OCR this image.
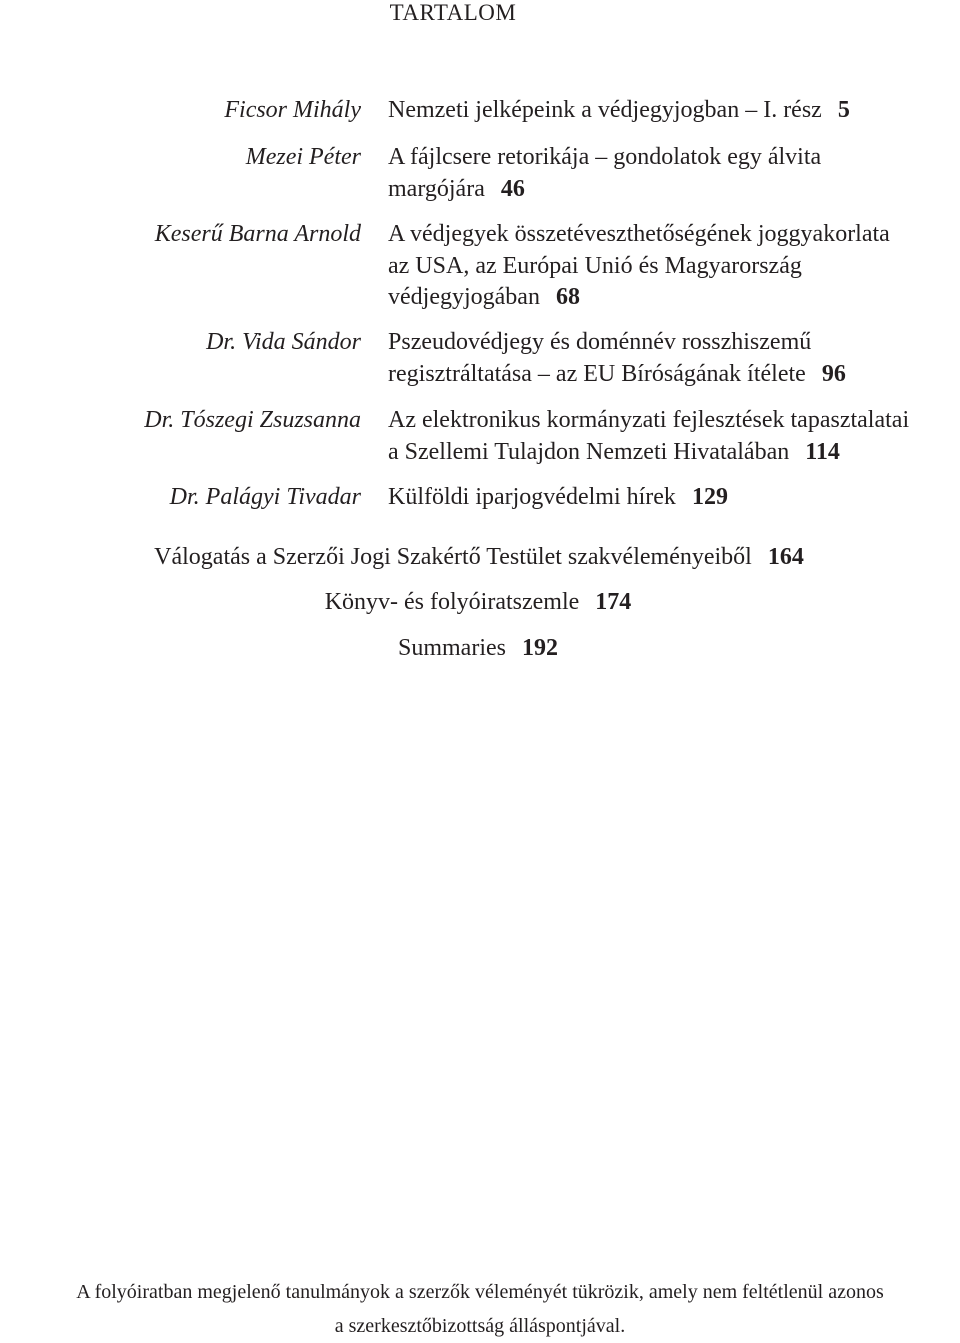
TARTALOM
Ficsor Mihály Nemzeti jelképeink a védjegyjogban – I. rész 5
Mezei Péter A fájlcsere retorikája – gondolatok egy álvita
margójára 46
Keserű Barna Arnold A védjegyek összetéveszthetőségének joggyakorlata
az USA, az Európai Unió és Magyarország
védjegyjogában 68
Dr. Vida Sándor Pszeudovédjegy és doménnév rosszhiszemű
regisztráltatása – az EU Bíróságának ítélete 96
Dr. Tószegi Zsuzsanna Az elektronikus kormányzati fejlesztések tapasztalatai
a Szellemi Tulajdon Nemzeti Hivatalában 114
Dr. Palágyi Tivadar Külföldi iparjogvédelmi hírek 129
Válogatás a Szerzői Jogi Szakértő Testület szakvéleményeiből 164
Könyv- és folyóiratszemle 174
Summaries 192
A folyóiratban megjelenő tanulmányok a szerzők véleményét tükrözik, amely nem feltétlenül azonos
a szerkesztőbizottság álláspontjával.
